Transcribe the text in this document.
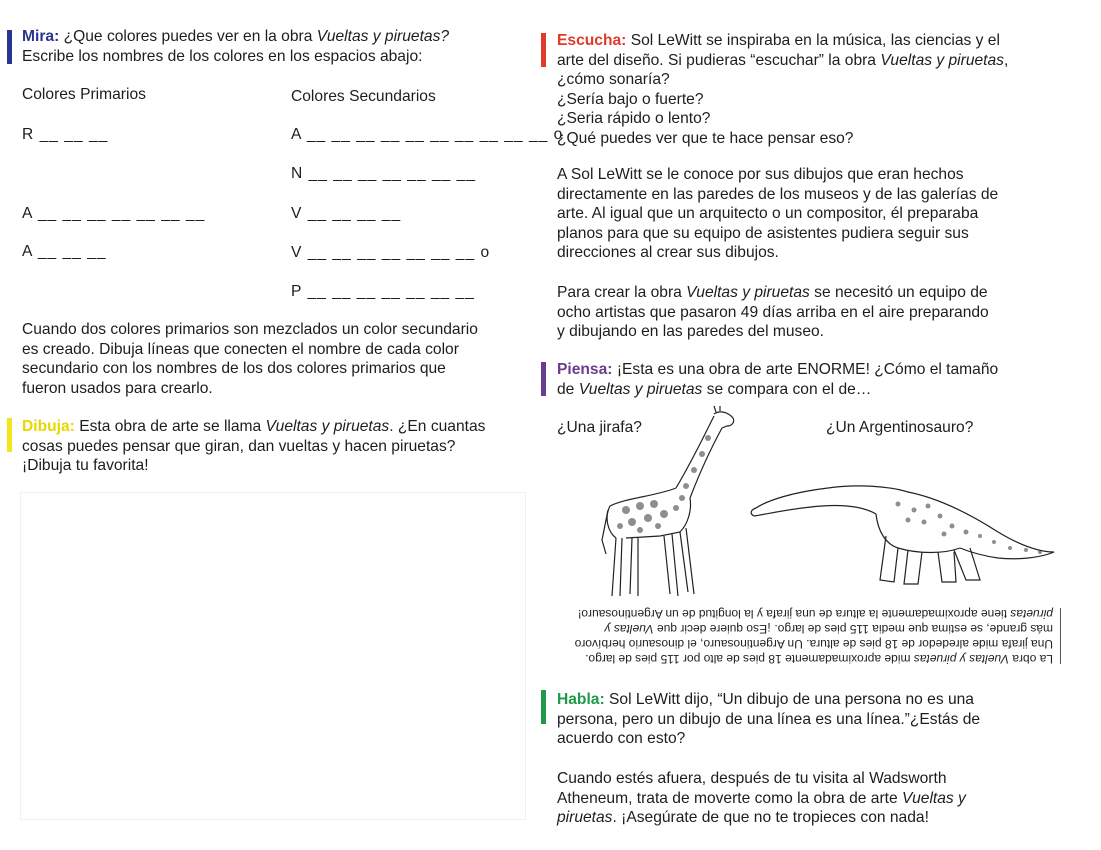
Mira: ¿Que colores puedes ver en la obra Vueltas y piruetas?
Escribe los nombres de los colores en los espacios abajo:
Colores Primarios	Colores Secundarios
R __ __ __
A __ __ __ __ __ __ __
A __ __ __
A __ __ __ __ __ __ __ __ __ __ o
N __ __ __ __ __ __ __
V __ __ __ __
V __ __ __ __ __ __ __ o
P __ __ __ __ __ __ __
Cuando dos colores primarios son mezclados un color secundario
es creado. Dibuja líneas que conecten el nombre de cada color
secundario con los nombres de los dos colores primarios que
fueron usados para crearlo.
Dibuja: Esta obra de arte se llama Vueltas y piruetas. ¿En cuantas
cosas puedes pensar que giran, dan vueltas y hacen piruetas?
¡Dibuja tu favorita!
Escucha: Sol LeWitt se inspiraba en la música, las ciencias y el
arte del diseño. Si pudieras “escuchar” la obra Vueltas y piruetas,
¿cómo sonaría?
¿Sería bajo o fuerte?
¿Seria rápido o lento?
¿Qué puedes ver que te hace pensar eso?
A Sol LeWitt se le conoce por sus dibujos que eran hechos
directamente en las paredes de los museos y de las galerías de
arte. Al igual que un arquitecto o un compositor, él preparaba
planos para que su equipo de asistentes pudiera seguir sus
direcciones al crear sus dibujos.
Para crear la obra Vueltas y piruetas se necesitó un equipo de
ocho artistas que pasaron 49 días arriba en el aire preparando
y dibujando en las paredes del museo.
Piensa: ¡Esta es una obra de arte ENORME! ¿Cómo el tamaño
de Vueltas y piruetas se compara con el de…
¿Una jirafa?	¿Un Argentinosauro?
La obra Vueltas y piruetas mide aproximadamente 18 pies de alto por 115 pies de largo.
Una jirafa mide alrededor de 18 pies de altura. Un Argentinosauro, el dinosaurio herbívoro
más grande, se estima que media 115 pies de largo. ¡Eso quiere decir que Vueltas y
piruetas tiene aproximadamente la altura de una jirafa y la longitud de un Argentinosauro!
Habla: Sol LeWitt dijo, “Un dibujo de una persona no es una
persona, pero un dibujo de una línea es una línea.”¿Estás de
acuerdo con esto?
Cuando estés afuera, después de tu visita al Wadsworth
Atheneum, trata de moverte como la obra de arte Vueltas y
piruetas. ¡Asegúrate de que no te tropieces con nada!
